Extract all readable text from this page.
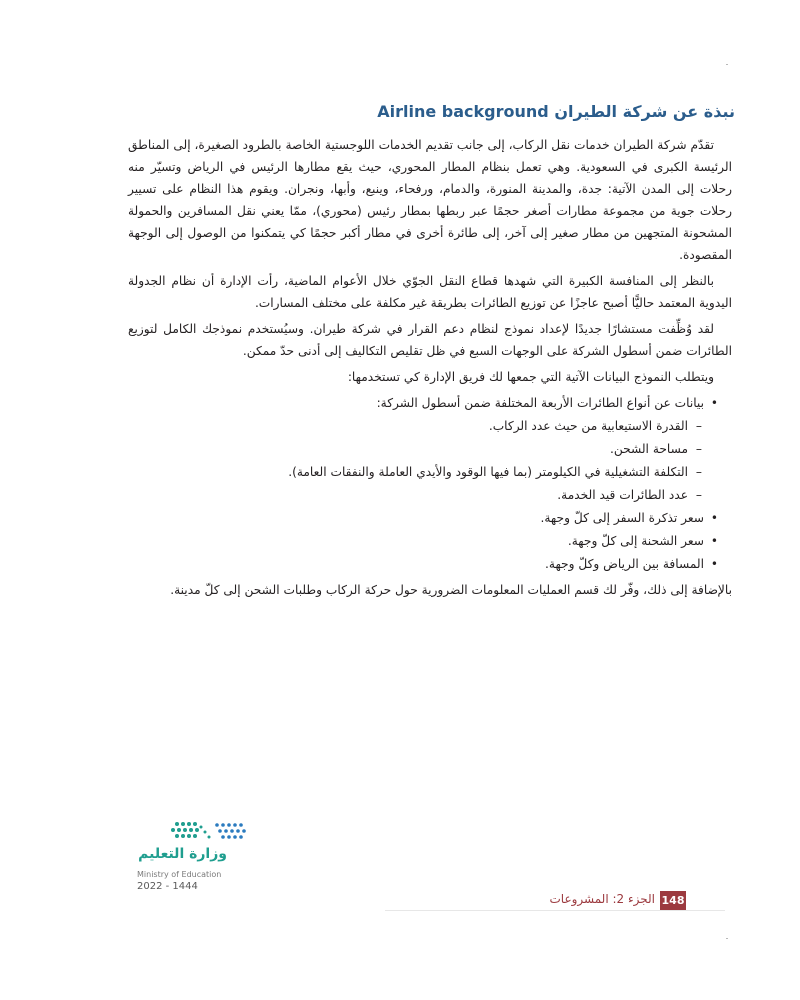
نبذة عن شركة الطيران Airline background

تقدّم شركة الطيران خدمات نقل الركاب، إلى جانب تقديم الخدمات اللوجستية الخاصة بالطرود الصغيرة، إلى المناطق الرئيسة الكبرى في السعودية. وهي تعمل بنظام المطار المحوري، حيث يقع مطارها الرئيس في الرياض وتسيّر منه رحلات إلى المدن الآتية: جدة، والمدينة المنورة، والدمام، ورفحاء، وينبع، وأبها، ونجران. ويقوم هذا النظام على تسيير رحلات جوية من مجموعة مطارات أصغر حجمًا عبر ربطها بمطار رئيس (محوري)، ممّا يعني نقل المسافرين والحمولة المشحونة المتجهين من مطار صغير إلى آخر، إلى طائرة أخرى في مطار أكبر حجمًا كي يتمكنوا من الوصول إلى الوجهة المقصودة.

بالنظر إلى المنافسة الكبيرة التي شهدها قطاع النقل الجوّي خلال الأعوام الماضية، رأت الإدارة أن نظام الجدولة اليدوية المعتمد حاليًّا أصبح عاجزًا عن توزيع الطائرات بطريقة غير مكلفة على مختلف المسارات.

لقد وُظِّفت مستشارًا جديدًا لإعداد نموذج لنظام دعم القرار في شركة طيران. وسيُستخدم نموذجك الكامل لتوزيع الطائرات ضمن أسطول الشركة على الوجهات السبع في ظل تقليص التكاليف إلى أدنى حدّ ممكن.

ويتطلب النموذج البيانات الآتية التي جمعها لك فريق الإدارة كي تستخدمها:

• بيانات عن أنواع الطائرات الأربعة المختلفة ضمن أسطول الشركة:
– القدرة الاستيعابية من حيث عدد الركاب.
– مساحة الشحن.
– التكلفة التشغيلية في الكيلومتر (بما فيها الوقود والأيدي العاملة والنفقات العامة).
– عدد الطائرات قيد الخدمة.
• سعر تذكرة السفر إلى كلّ وجهة.
• سعر الشحنة إلى كلّ وجهة.
• المسافة بين الرياض وكلّ وجهة.

بالإضافة إلى ذلك، وفّر لك قسم العمليات المعلومات الضرورية حول حركة الركاب وطلبات الشحن إلى كلّ مدينة.

وزارة التعليم
Ministry of Education
2022 - 1444
148
الجزء 2: المشروعات
